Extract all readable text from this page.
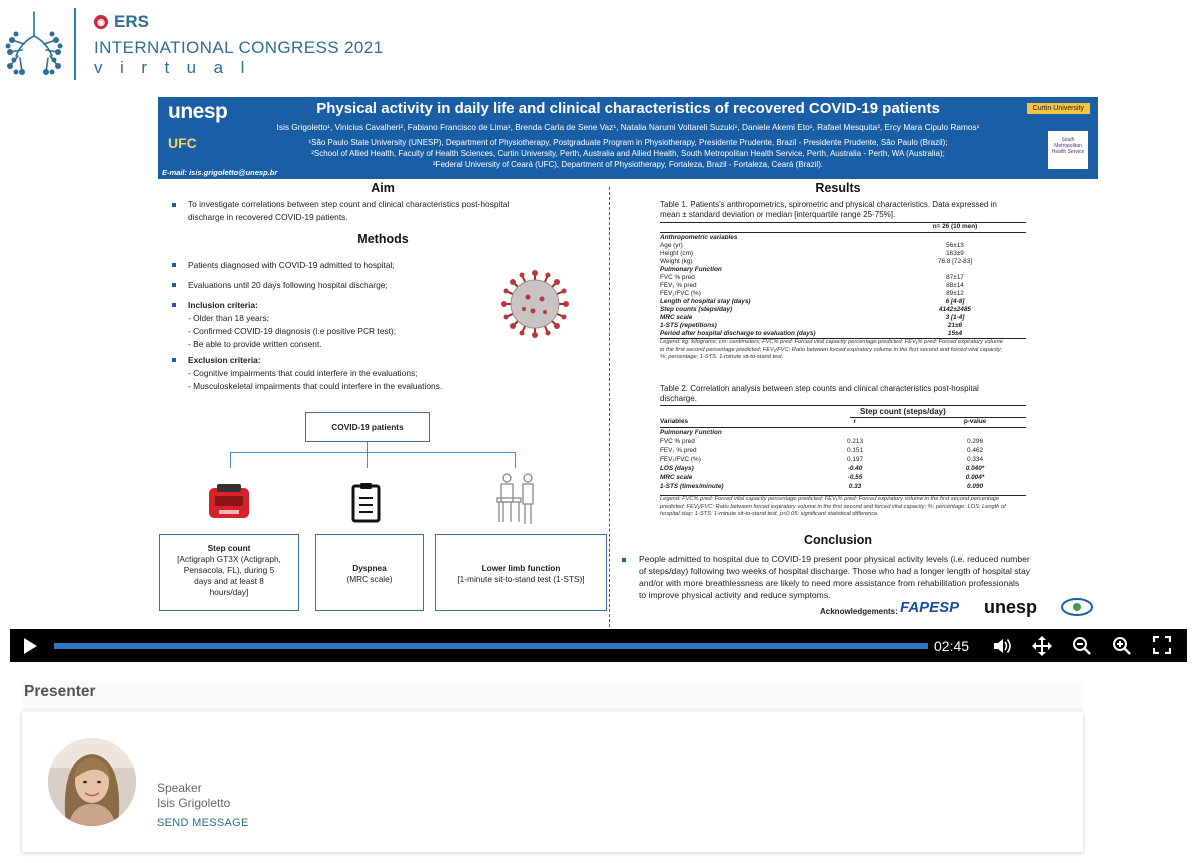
◉ ERS
INTERNATIONAL CONGRESS 2021
virtual
unesp
UFC
E-mail: isis.grigoletto@unesp.br
Physical activity in daily life and clinical characteristics of recovered COVID-19 patients
Isis Grigoletto¹, Vinicius Cavalheri², Fabiano Francisco de Lima¹, Brenda Carla de Sene Vaz¹, Natalia Narumi Voltareli Suzuki¹, Daniele Akemi Eto¹, Rafael Mesquita³, Ercy Mara Cipulo Ramos¹
¹São Paulo State University (UNESP), Department of Physiotherapy, Postgraduate Program in Physiotherapy, Presidente Prudente, Brazil - Presidente Prudente, São Paulo (Brazil);
²School of Allied Health, Faculty of Health Sciences, Curtin University, Perth, Australia and Allied Health, South Metropolitan Health Service, Perth, Australia - Perth, WA (Australia);
³Federal University of Ceará (UFC), Department of Physiotherapy, Fortaleza, Brazil - Fortaleza, Ceará (Brazil).
Curtin University
South Metropolitan Health Service
Aim
To investigate correlations between step count and clinical characteristics post-hospital
discharge in recovered COVID-19 patients.
Methods
Patients diagnosed with COVID-19 admitted to hospital;
Evaluations until 20 days following hospital discharge;
Inclusion criteria:
- Older than 18 years;
- Confirmed COVID-19 diagnosis (i.e positive PCR test);
- Be able to provide written consent.
Exclusion criteria:
- Cognitive impairments that could interfere in the evaluations;
- Musculoskeletal impairments that could interfere in the evaluations.
COVID-19 patients
Step count
[Actigraph GT3X (Actigraph,
Pensacola, FL), during 5
days and at least 8
hours/day]
Dyspnea
(MRC scale)
Lower limb function
[1-minute sit-to-stand test (1-STS)]
Results
Table 1. Patients's anthropometrics, spirometric and physical characteristics. Data expressed in
mean ± standard deviation or median [interquartile range 25-75%].
n= 26 (10 men)
Anthropometric variables
Age (yr)	56±13
Height (cm)	163±9
Weight (kg)	76.8 [72-83]
Pulmonary Function
FVC % pred	87±17
FEV₁ % pred	88±14
FEV₁/FVC (%)	89±12
Length of hospital stay (days)	6 [4-8]
Step counts (steps/day)	4142±2485
MRC scale	3 [1-4]
1-STS (repetitions)	21±6
Period after hospital discharge to evaluation (days)	15±4
Legend: kg: kilograms; cm: centimeters; FVC% pred: Forced vital capacity percentage predicted; FEV₁% pred: Forced expiratory volume
in the first second percentage predicted; FEV₁/FVC: Ratio between forced expiratory volume in the first second and forced vital capacity;
%: percentage; 1-STS: 1-minute sit-to-stand test.
Table 2. Correlation analysis between step counts and clinical characteristics post-hospital
discharge.
Step count (steps/day)
Variables	r	p-value
Pulmonary Function
FVC % pred	0.213	0.296
FEV₁ % pred	0.151	0.462
FEV₁/FVC (%)	0.197	0.334
LOS (days)	-0.40	0.040*
MRC scale	-0.55	0.004*
1-STS (times/minute)	0.33	0.090
Legend: FVC% pred: Forced vital capacity percentage predicted; FEV₁% pred: Forced expiratory volume in the first second percentage
predicted; FEV₁/FVC: Ratio between forced expiratory volume in the first second and forced vital capacity; %: percentage; LOS: Length of
hospital stay; 1-STS: 1-minute sit-to-stand test. p<0.05: significant statistical difference.
Conclusion
People admitted to hospital due to COVID-19 present poor physical activity levels (i.e. reduced number
of steps/day) following two weeks of hospital discharge. Those who had a longer length of hospital stay
and/or with more breathlessness are likely to need more assistance from rehabilitation professionals
to improve physical activity and reduce symptoms.
Acknowledgements: FAPESP unesp
02:45
Presenter
Speaker
Isis Grigoletto
SEND MESSAGE
